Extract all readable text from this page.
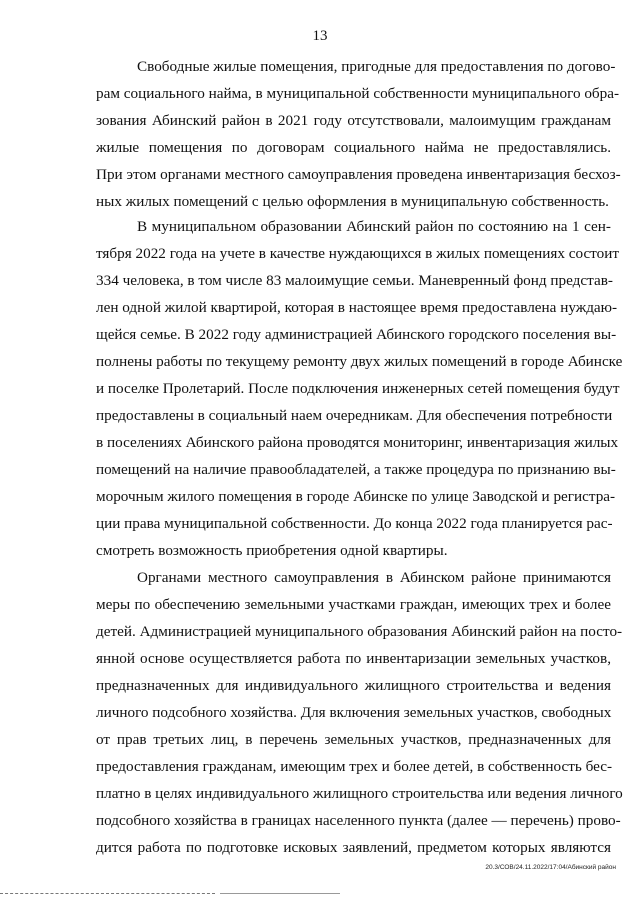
13
Свободные жилые помещения, пригодные для предоставления по догово-
рам социального найма, в муниципальной собственности муниципального обра-
зования Абинский район в 2021 году отсутствовали, малоимущим гражданам
жилые помещения по договорам социального найма не предоставлялись.
При этом органами местного самоуправления проведена инвентаризация бесхоз-
ных жилых помещений с целью оформления в муниципальную собственность.
В муниципальном образовании Абинский район по состоянию на 1 сен-
тября 2022 года на учете в качестве нуждающихся в жилых помещениях состоит
334 человека, в том числе 83 малоимущие семьи. Маневренный фонд представ-
лен одной жилой квартирой, которая в настоящее время предоставлена нуждаю-
щейся семье. В 2022 году администрацией Абинского городского поселения вы-
полнены работы по текущему ремонту двух жилых помещений в городе Абинске
и поселке Пролетарий. После подключения инженерных сетей помещения будут
предоставлены в социальный наем очередникам. Для обеспечения потребности
в поселениях Абинского района проводятся мониторинг, инвентаризация жилых
помещений на наличие правообладателей, а также процедура по признанию вы-
морочным жилого помещения в городе Абинске по улице Заводской и регистра-
ции права муниципальной собственности. До конца 2022 года планируется рас-
смотреть возможность приобретения одной квартиры.
Органами местного самоуправления в Абинском районе принимаются
меры по обеспечению земельными участками граждан, имеющих трех и более
детей. Администрацией муниципального образования Абинский район на посто-
янной основе осуществляется работа по инвентаризации земельных участков,
предназначенных для индивидуального жилищного строительства и ведения
личного подсобного хозяйства. Для включения земельных участков, свободных
от прав третьих лиц, в перечень земельных участков, предназначенных для
предоставления гражданам, имеющим трех и более детей, в собственность бес-
платно в целях индивидуального жилищного строительства или ведения личного
подсобного хозяйства в границах населенного пункта (далее — перечень) прово-
дится работа по подготовке исковых заявлений, предметом которых являются
20.3/СОВ/24.11.2022/17:04/Абинский район
